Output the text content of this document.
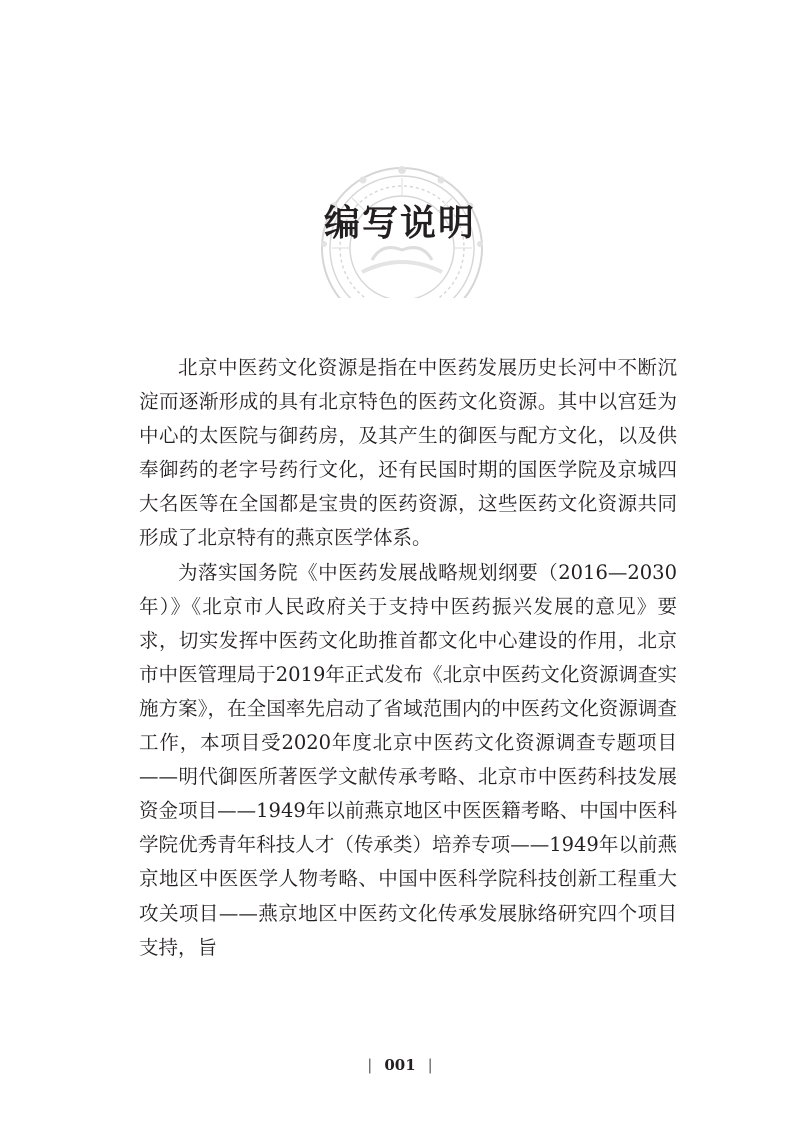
编写说明

北京中医药文化资源是指在中医药发展历史长河中不断沉淀而逐渐形成的具有北京特色的医药文化资源。其中以宫廷为中心的太医院与御药房，及其产生的御医与配方文化，以及供奉御药的老字号药行文化，还有民国时期的国医学院及京城四大名医等在全国都是宝贵的医药资源，这些医药文化资源共同形成了北京特有的燕京医学体系。

为落实国务院《中医药发展战略规划纲要（2016—2030年）》《北京市人民政府关于支持中医药振兴发展的意见》要求，切实发挥中医药文化助推首都文化中心建设的作用，北京市中医管理局于2019年正式发布《北京中医药文化资源调查实施方案》，在全国率先启动了省域范围内的中医药文化资源调查工作，本项目受2020年度北京中医药文化资源调查专题项目——明代御医所著医学文献传承考略、北京市中医药科技发展资金项目——1949年以前燕京地区中医医籍考略、中国中医科学院优秀青年科技人才（传承类）培养专项——1949年以前燕京地区中医医学人物考略、中国中医科学院科技创新工程重大攻关项目——燕京地区中医药文化传承发展脉络研究四个项目支持，旨

| 001 |
